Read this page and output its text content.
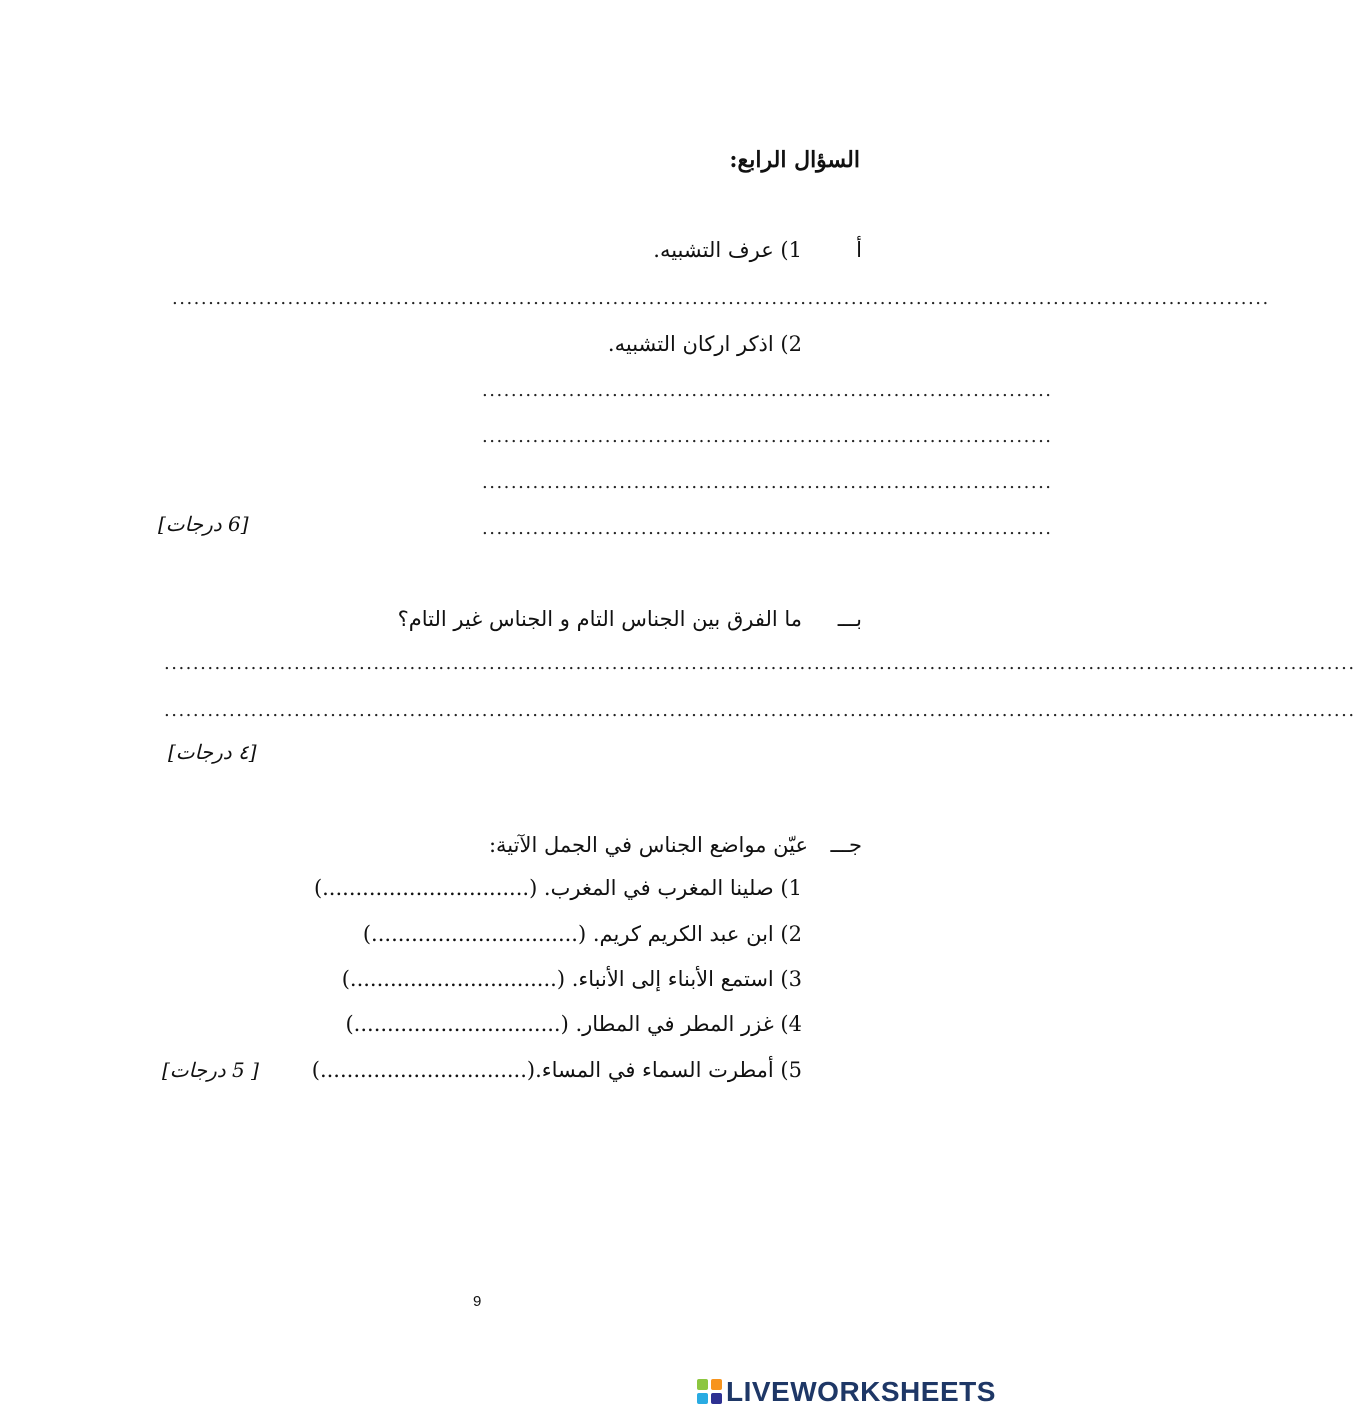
السؤال الرابع:
أ
1) عرف التشبيه.
........................................................................................................................................................
2) اذكر اركان التشبيه.
...............................................................................
...............................................................................
...............................................................................
...............................................................................
[6 درجات]
بـــ
ما الفرق بين الجناس التام و الجناس غير التام؟
.....................................................................................................................................................................
.....................................................................................................................................................................
[٤ درجات]
جـــ
عيّن مواضع الجناس في الجمل الآتية:
1) صلينا المغرب في المغرب. (...............................)
2) ابن عبد الكريم كريم. (...............................)
3) استمع الأبناء إلى الأنباء. (...............................)
4) غزر المطر في المطار. (...............................)
5) أمطرت السماء في المساء.(...............................)
[ 5 درجات]
9
LIVEWORKSHEETS
